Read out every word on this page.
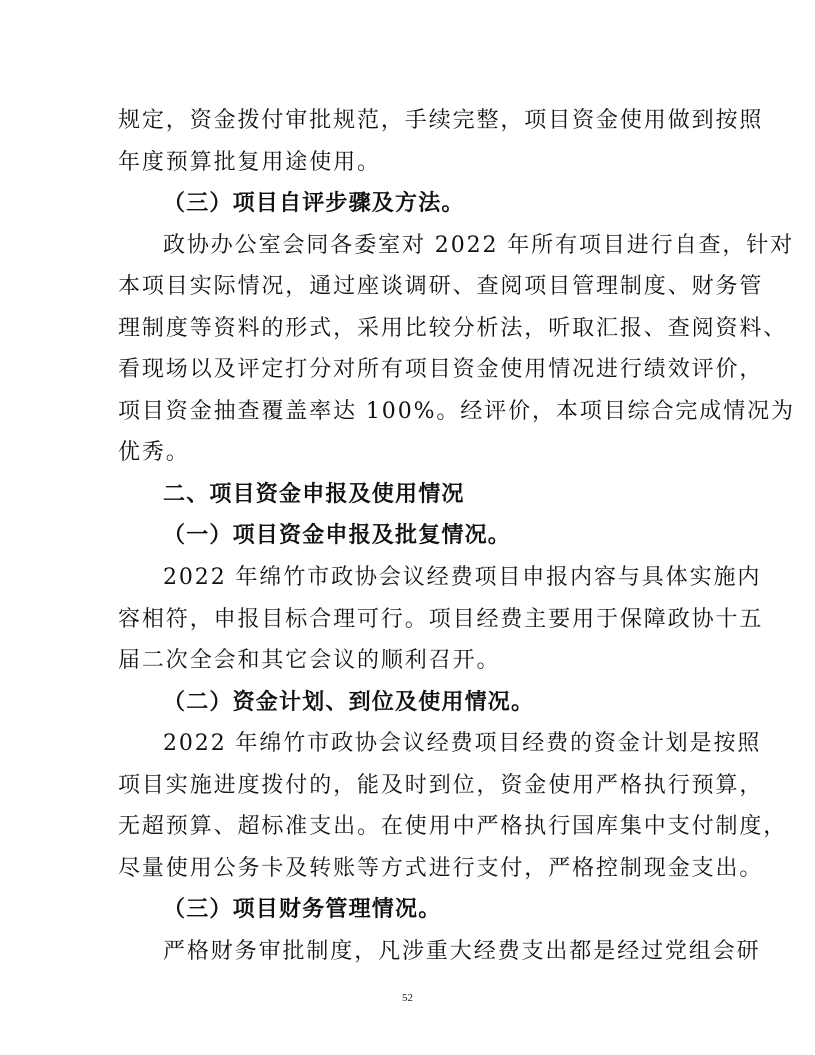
规定，资金拨付审批规范，手续完整，项目资金使用做到按照
年度预算批复用途使用。
（三）项目自评步骤及方法。
政协办公室会同各委室对 2022 年所有项目进行自查，针对
本项目实际情况，通过座谈调研、查阅项目管理制度、财务管
理制度等资料的形式，采用比较分析法，听取汇报、查阅资料、
看现场以及评定打分对所有项目资金使用情况进行绩效评价，
项目资金抽查覆盖率达 100%。经评价，本项目综合完成情况为
优秀。
二、项目资金申报及使用情况
（一）项目资金申报及批复情况。
2022 年绵竹市政协会议经费项目申报内容与具体实施内
容相符，申报目标合理可行。项目经费主要用于保障政协十五
届二次全会和其它会议的顺利召开。
（二）资金计划、到位及使用情况。
2022 年绵竹市政协会议经费项目经费的资金计划是按照
项目实施进度拨付的，能及时到位，资金使用严格执行预算，
无超预算、超标准支出。在使用中严格执行国库集中支付制度，
尽量使用公务卡及转账等方式进行支付，严格控制现金支出。
（三）项目财务管理情况。
严格财务审批制度，凡涉重大经费支出都是经过党组会研
52
